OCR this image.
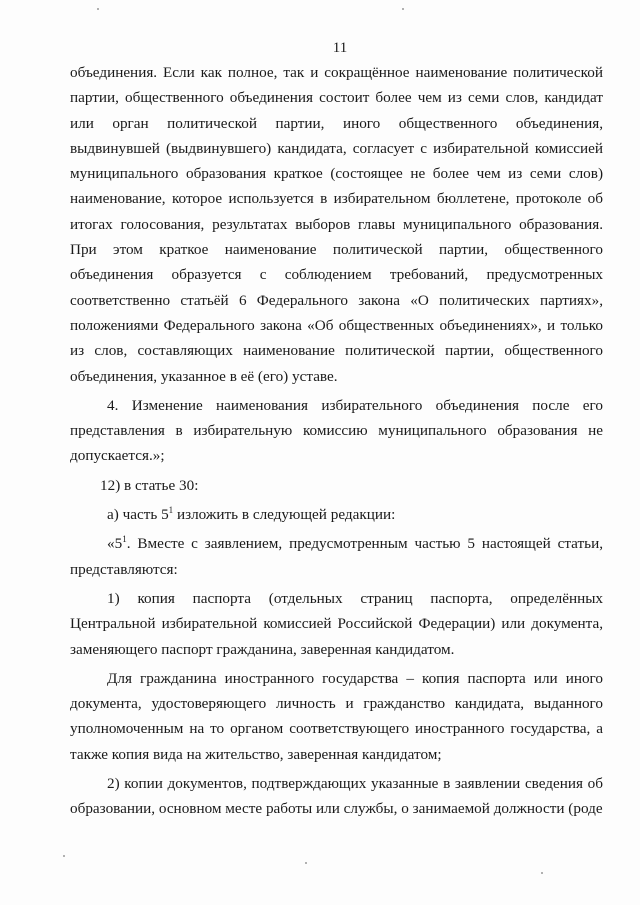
11

объединения. Если как полное, так и сокращённое наименование политической партии, общественного объединения состоит более чем из семи слов, кандидат или орган политической партии, иного общественного объединения, выдвинувшей (выдвинувшего) кандидата, согласует с избирательной комиссией муниципального образования краткое (состоящее не более чем из семи слов) наименование, которое используется в избирательном бюллетене, протоколе об итогах голосования, результатах выборов главы муниципального образования. При этом краткое наименование политической партии, общественного объединения образуется с соблюдением требований, предусмотренных соответственно статьёй 6 Федерального закона «О политических партиях», положениями Федерального закона «Об общественных объединениях», и только из слов, составляющих наименование политической партии, общественного объединения, указанное в её (его) уставе.

4. Изменение наименования избирательного объединения после его представления в избирательную комиссию муниципального образования не допускается.»;

12) в статье 30:

а) часть $5^1$ изложить в следующей редакции:

«$5^1$. Вместе с заявлением, предусмотренным частью 5 настоящей статьи, представляются:

1) копия паспорта (отдельных страниц паспорта, определённых Центральной избирательной комиссией Российской Федерации) или документа, заменяющего паспорт гражданина, заверенная кандидатом.

Для гражданина иностранного государства – копия паспорта или иного документа, удостоверяющего личность и гражданство кандидата, выданного уполномоченным на то органом соответствующего иностранного государства, а также копия вида на жительство, заверенная кандидатом;

2) копии документов, подтверждающих указанные в заявлении сведения об образовании, основном месте работы или службы, о занимаемой должности (роде
